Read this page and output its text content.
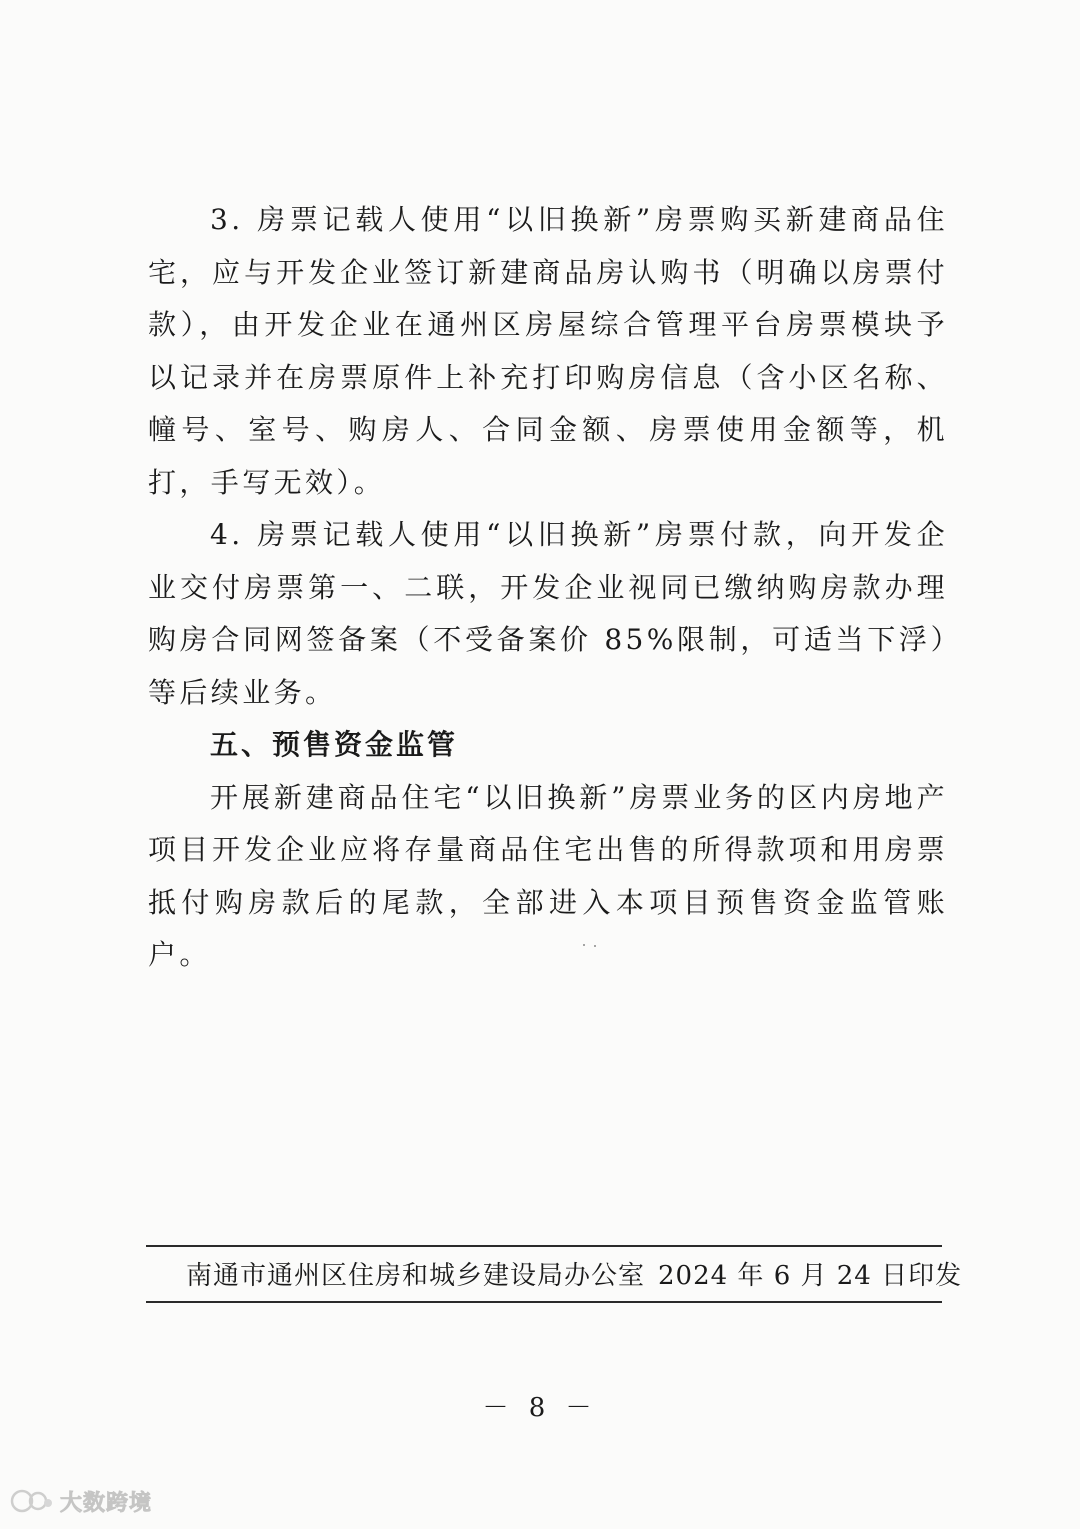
3. 房票记载人使用“以旧换新”房票购买新建商品住宅，应与开发企业签订新建商品房认购书（明确以房票付款），由开发企业在通州区房屋综合管理平台房票模块予以记录并在房票原件上补充打印购房信息（含小区名称、幢号、室号、购房人、合同金额、房票使用金额等，机打，手写无效）。

4. 房票记载人使用“以旧换新”房票付款，向开发企业交付房票第一、二联，开发企业视同已缴纳购房款办理购房合同网签备案（不受备案价 85%限制，可适当下浮）等后续业务。

五、预售资金监管

开展新建商品住宅“以旧换新”房票业务的区内房地产项目开发企业应将存量商品住宅出售的所得款项和用房票抵付购房款后的尾款，全部进入本项目预售资金监管账户。

南通市通州区住房和城乡建设局办公室 2024 年 6 月 24 日印发
－ 8 －
大数跨境
